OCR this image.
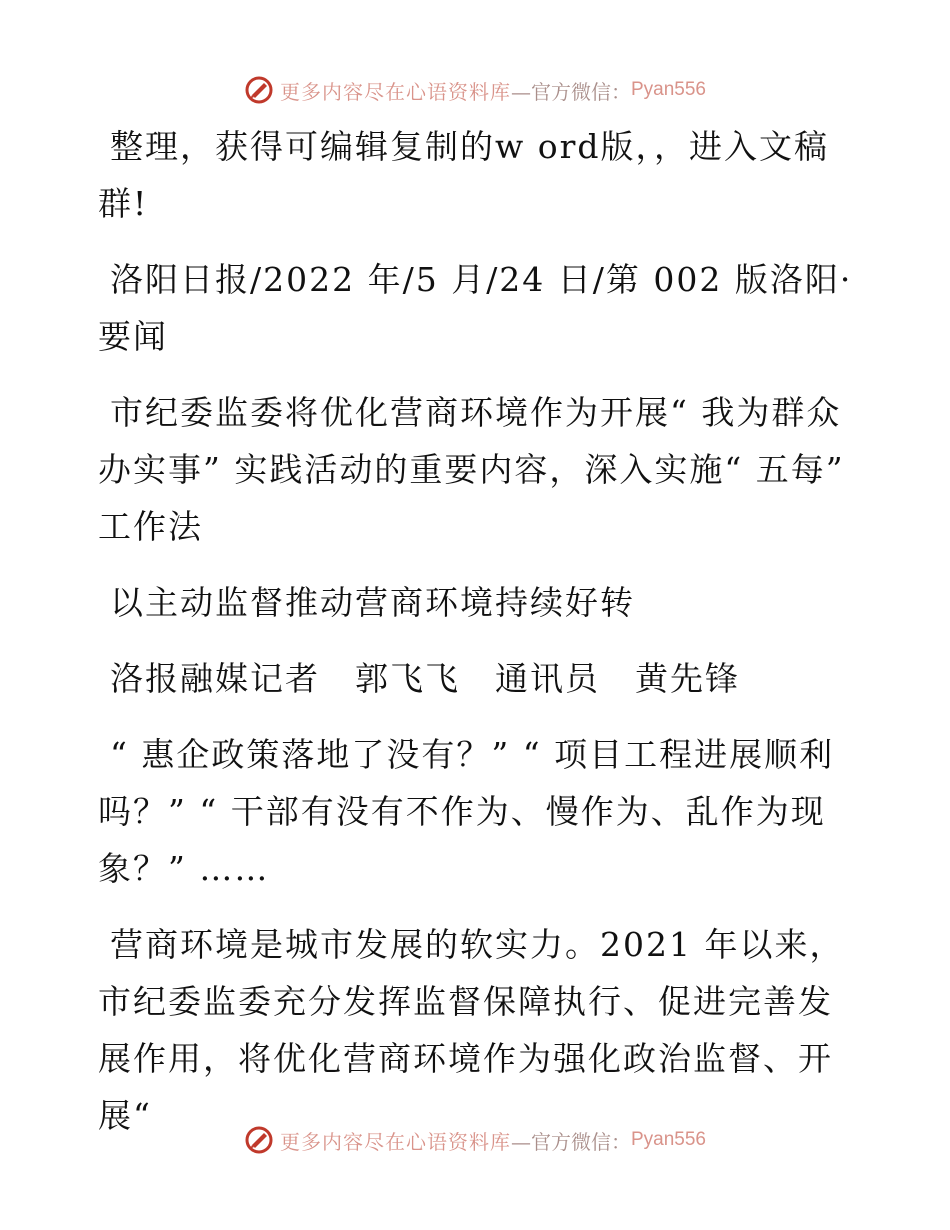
更多内容尽在心语资料库 —官方微信： Pyan556

整理，获得可编辑复制的w ord版，，进入文稿群!

洛阳日报/2022 年/5 月/24 日/第 002 版洛阳·要闻

市纪委监委将优化营商环境作为开展“ 我为群众办实事” 实践活动的重要内容，深入实施“ 五每” 工作法

以主动监督推动营商环境持续好转

洛报融媒记者　郭飞飞　通讯员　黄先锋

“ 惠企政策落地了没有？” “ 项目工程进展顺利吗？” “ 干部有没有不作为、慢作为、乱作为现象？” ……

营商环境是城市发展的软实力。2021 年以来，市纪委监委充分发挥监督保障执行、促进完善发展作用，将优化营商环境作为强化政治监督、开展“

更多内容尽在心语资料库 —官方微信： Pyan556
